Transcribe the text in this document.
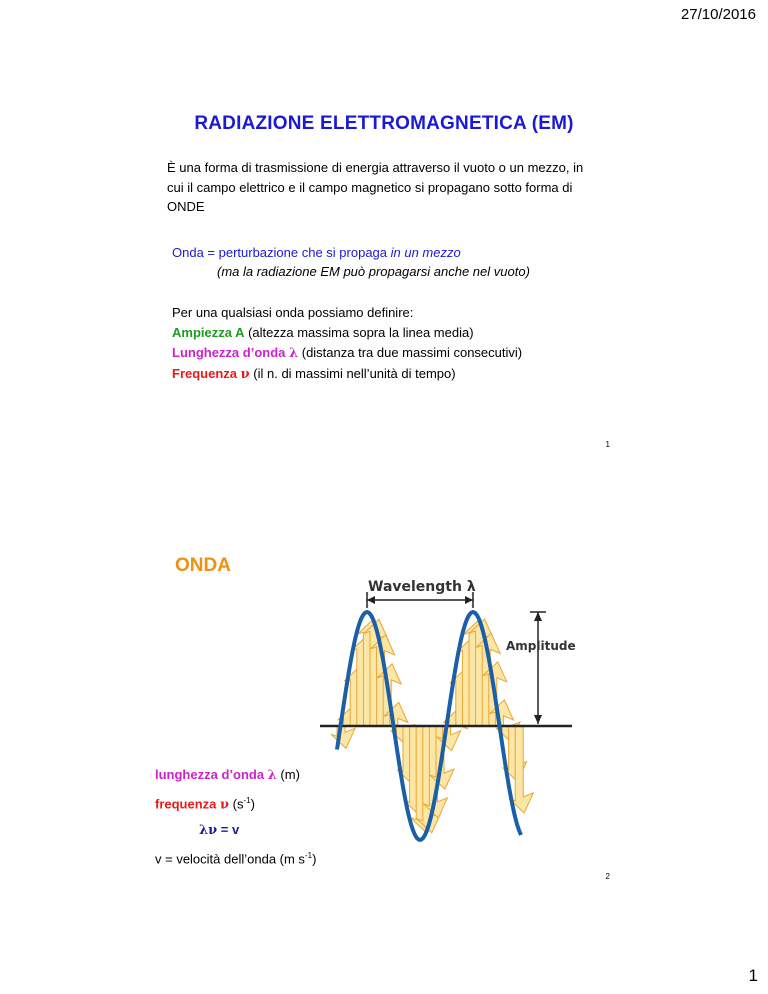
27/10/2016
RADIAZIONE ELETTROMAGNETICA (EM)
È una forma di trasmissione di energia attraverso il vuoto o un mezzo, in cui il campo elettrico e il campo magnetico si propagano sotto forma di ONDE
Onda = perturbazione che si propaga in un mezzo
(ma la radiazione EM può propagarsi anche nel vuoto)
Per una qualsiasi onda possiamo definire:
Ampiezza A (altezza massima sopra la linea media)
Lunghezza d’onda λ (distanza tra due massimi consecutivi)
Frequenza ν (il n. di massimi nell’unità di tempo)
1
ONDA
Wavelength λ
Amplitude
lunghezza d’onda λ (m)
frequenza ν $(s^{-1})$
λν = v
v = velocità dell’onda (m $s^{-1}$)
2
1
